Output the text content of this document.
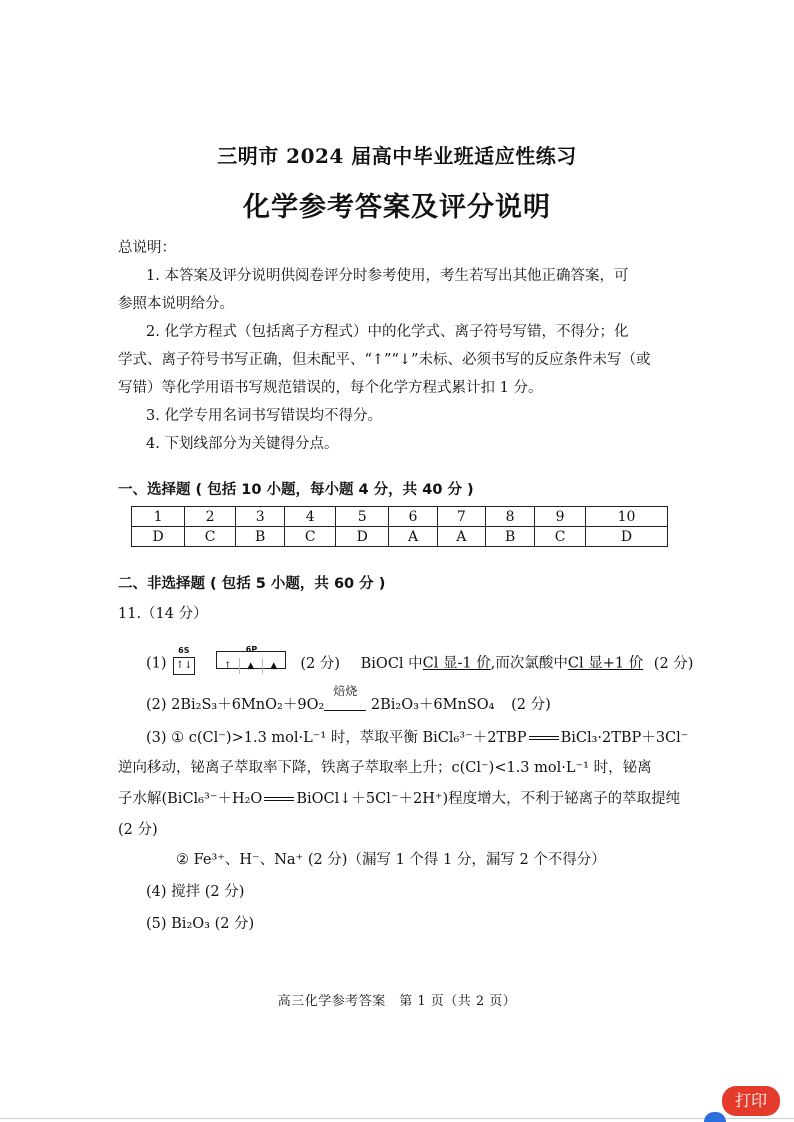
三明市 2024 届高中毕业班适应性练习
化学参考答案及评分说明
总说明：
1. 本答案及评分说明供阅卷评分时参考使用，考生若写出其他正确答案，可
参照本说明给分。
2. 化学方程式（包括离子方程式）中的化学式、离子符号写错，不得分；化
学式、离子符号书写正确，但未配平、“↑”“↓”未标、必须书写的反应条件未写（或
写错）等化学用语书写规范错误的，每个化学方程式累计扣 1 分。
3. 化学专用名词书写错误均不得分。
4. 下划线部分为关键得分点。
一、选择题 ( 包括 10 小题，每小题 4 分，共 40 分 )
1	2	3	4	5	6	7	8	9	10
D	C	B	C	D	A	A	B	C	D
二、非选择题 ( 包括 5 小题，共 60 分 )
11.（14 分）
(1)
6S
↑↓
6P
↑ ▲ ▲ (2 分) BiOCl 中Cl 显-1 价,而次氯酸中Cl 显+1 价 (2 分)
(2) 2Bi₂S₃＋6MnO₂＋9O₂
焙烧
2Bi₂O₃＋6MnSO₄ (2 分)
(3) ① c(Cl⁻)>1.3 mol·L⁻¹ 时，萃取平衡 BiCl₆³⁻＋2TBP BiCl₃·2TBP＋3Cl⁻
逆向移动，铋离子萃取率下降，铁离子萃取率上升；c(Cl⁻)<1.3 mol·L⁻¹ 时，铋离
子水解(BiCl₆³⁻＋H₂O BiOCl↓＋5Cl⁻＋2H⁺)程度增大，不利于铋离子的萃取提纯
(2 分)
② Fe³⁺、H⁻、Na⁺ (2 分)（漏写 1 个得 1 分，漏写 2 个不得分）
(4) 搅拌 (2 分)
(5) Bi₂O₃ (2 分)
高三化学参考答案　第 1 页（共 2 页）
打印
